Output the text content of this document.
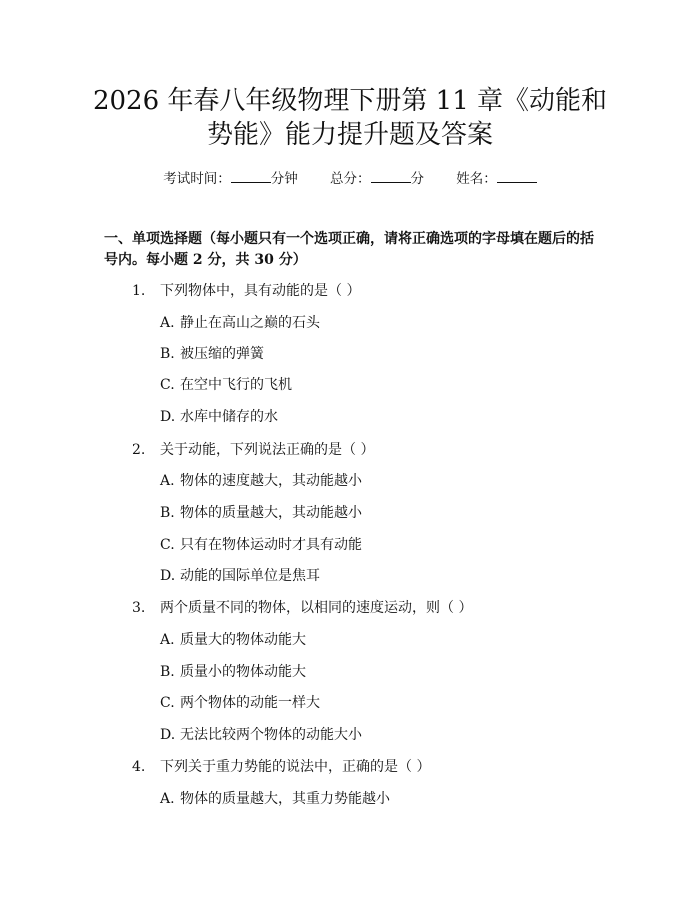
2026 年春八年级物理下册第 11 章《动能和
势能》能力提升题及答案
考试时间：	分钟 总分：	分 姓名：

一、单项选择题（每小题只有一个选项正确，请将正确选项的字母填在题后的括号内。每小题 2 分，共 30 分）

1. 下列物体中，具有动能的是（ ）
A. 静止在高山之巅的石头
B. 被压缩的弹簧
C. 在空中飞行的飞机
D. 水库中储存的水
2. 关于动能，下列说法正确的是（ ）
A. 物体的速度越大，其动能越小
B. 物体的质量越大，其动能越小
C. 只有在物体运动时才具有动能
D. 动能的国际单位是焦耳
3. 两个质量不同的物体，以相同的速度运动，则（ ）
A. 质量大的物体动能大
B. 质量小的物体动能大
C. 两个物体的动能一样大
D. 无法比较两个物体的动能大小
4. 下列关于重力势能的说法中，正确的是（ ）
A. 物体的质量越大，其重力势能越小
